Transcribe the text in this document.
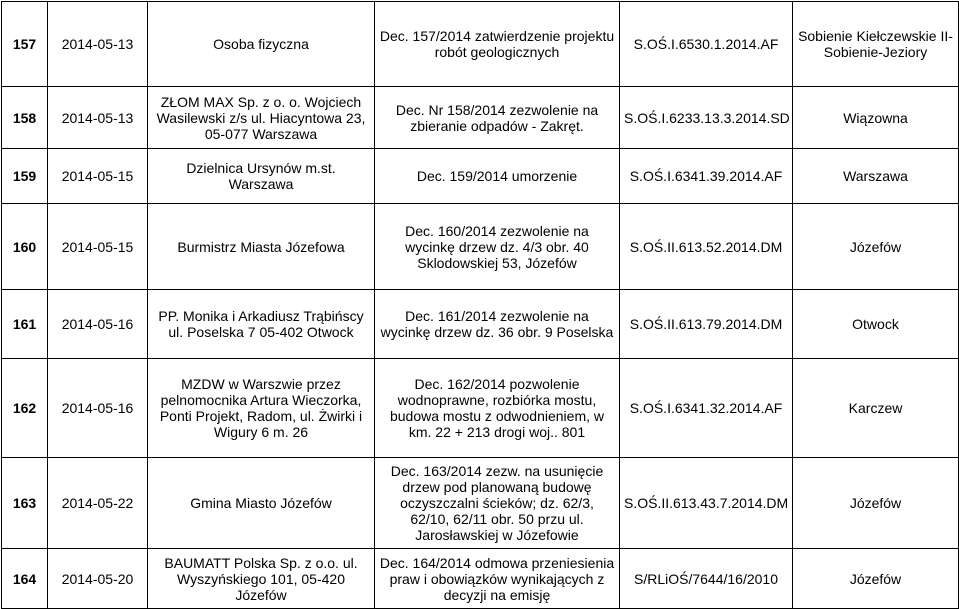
157	2014-05-13	Osoba fizyczna	Dec. 157/2014 zatwierdzenie projektu robót geologicznych	S.OŚ.I.6530.1.2014.AF	Sobienie Kiełczewskie II- Sobienie-Jeziory
158	2014-05-13	ZŁOM MAX Sp. z o. o. Wojciech Wasilewski z/s ul. Hiacyntowa 23, 05-077 Warszawa	Dec. Nr 158/2014 zezwolenie na zbieranie odpadów - Zakręt.	S.OŚ.I.6233.13.3.2014.SD	Wiązowna
159	2014-05-15	Dzielnica Ursynów m.st. Warszawa	Dec. 159/2014 umorzenie	S.OŚ.I.6341.39.2014.AF	Warszawa
160	2014-05-15	Burmistrz Miasta Józefowa	Dec. 160/2014 zezwolenie na wycinkę drzew dz. 4/3 obr. 40 Sklodowskiej 53, Józefów	S.OŚ.II.613.52.2014.DM	Józefów
161	2014-05-16	PP. Monika i Arkadiusz Trąbińscy ul. Poselska 7 05-402 Otwock	Dec. 161/2014 zezwolenie na wycinkę drzew dz. 36 obr. 9 Poselska	S.OŚ.II.613.79.2014.DM	Otwock
162	2014-05-16	MZDW w Warszwie przez pelnomocnika Artura Wieczorka, Ponti Projekt, Radom, ul. Żwirki i Wigury 6 m. 26	Dec. 162/2014 pozwolenie wodnoprawne, rozbiórka mostu, budowa mostu z odwodnieniem, w km. 22 + 213 drogi woj.. 801	S.OŚ.I.6341.32.2014.AF	Karczew
163	2014-05-22	Gmina Miasto Józefów	Dec. 163/2014 zezw. na usunięcie drzew pod planowaną budowę oczyszczalni ścieków; dz. 62/3, 62/10, 62/11 obr. 50 przu ul. Jarosławskiej w Józefowie	S.OŚ.II.613.43.7.2014.DM	Józefów
164	2014-05-20	BAUMATT Polska Sp. z o.o. ul. Wyszyńskiego 101, 05-420 Józefów	Dec. 164/2014 odmowa przeniesienia praw i obowiązków wynikających z decyzji na emisję	S/RLiOŚ/7644/16/2010	Józefów
